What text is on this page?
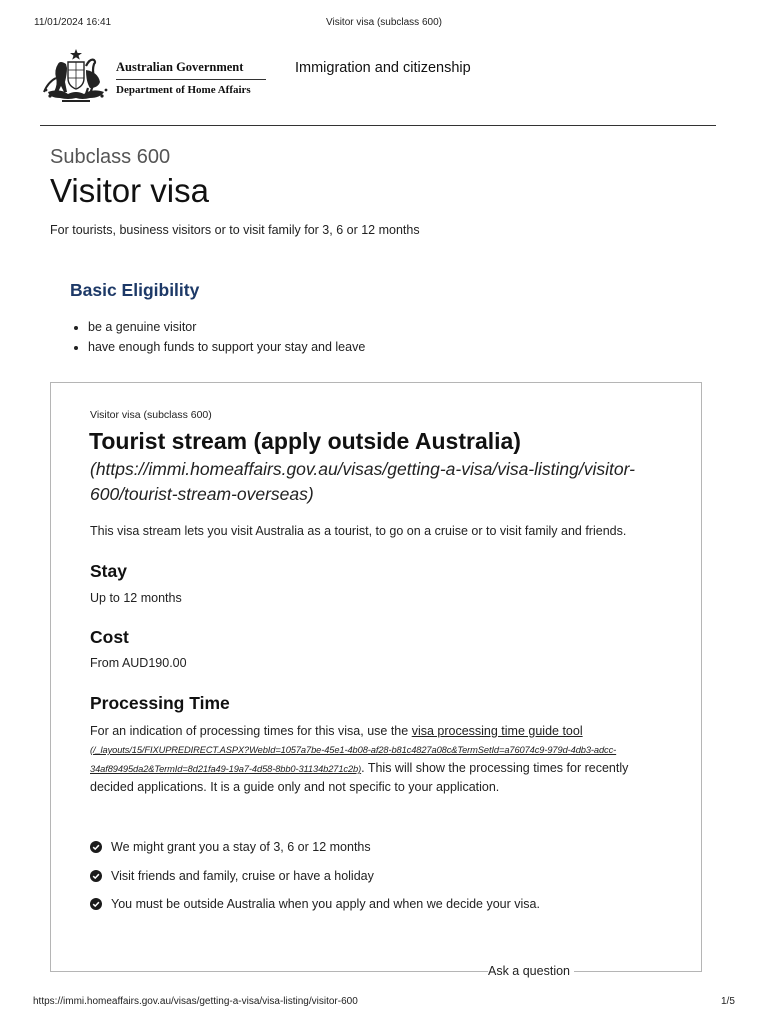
11/01/2024 16:41	Visitor visa (subclass 600)
Australian Government
Department of Home Affairs
Immigration and citizenship
Subclass 600
Visitor visa

For tourists, business visitors or to visit family for 3, 6 or 12 months

Basic Eligibility
be a genuine visitor
have enough funds to support your stay and leave
Visitor visa (subclass 600)
Tourist stream (apply outside Australia)
(https://immi.homeaffairs.gov.au/visas/getting-a-visa/visa-listing/visitor-600/tourist-stream-overseas)

This visa stream lets you visit Australia as a tourist, to go on a cruise or to visit family and friends.

Stay
Up to 12 months
Cost
From AUD190.00
Processing Time

For an indication of processing times for this visa, use the visa processing time guide tool (/_layouts/15/FIXUPREDIRECT.ASPX?WebId=1057a7be-45e1-4b08-af28-b81c4827a08c&TermSetId=a76074c9-979d-4db3-adcc-34af89495da2&TermId=8d21fa49-19a7-4d58-8bb0-31134b271c2b). This will show the processing times for recently decided applications. It is a guide only and not specific to your application.

We might grant you a stay of 3, 6 or 12 months
Visit friends and family, cruise or have a holiday
You must be outside Australia when you apply and when we decide your visa.
Ask a question
https://immi.homeaffairs.gov.au/visas/getting-a-visa/visa-listing/visitor-600	1/5
